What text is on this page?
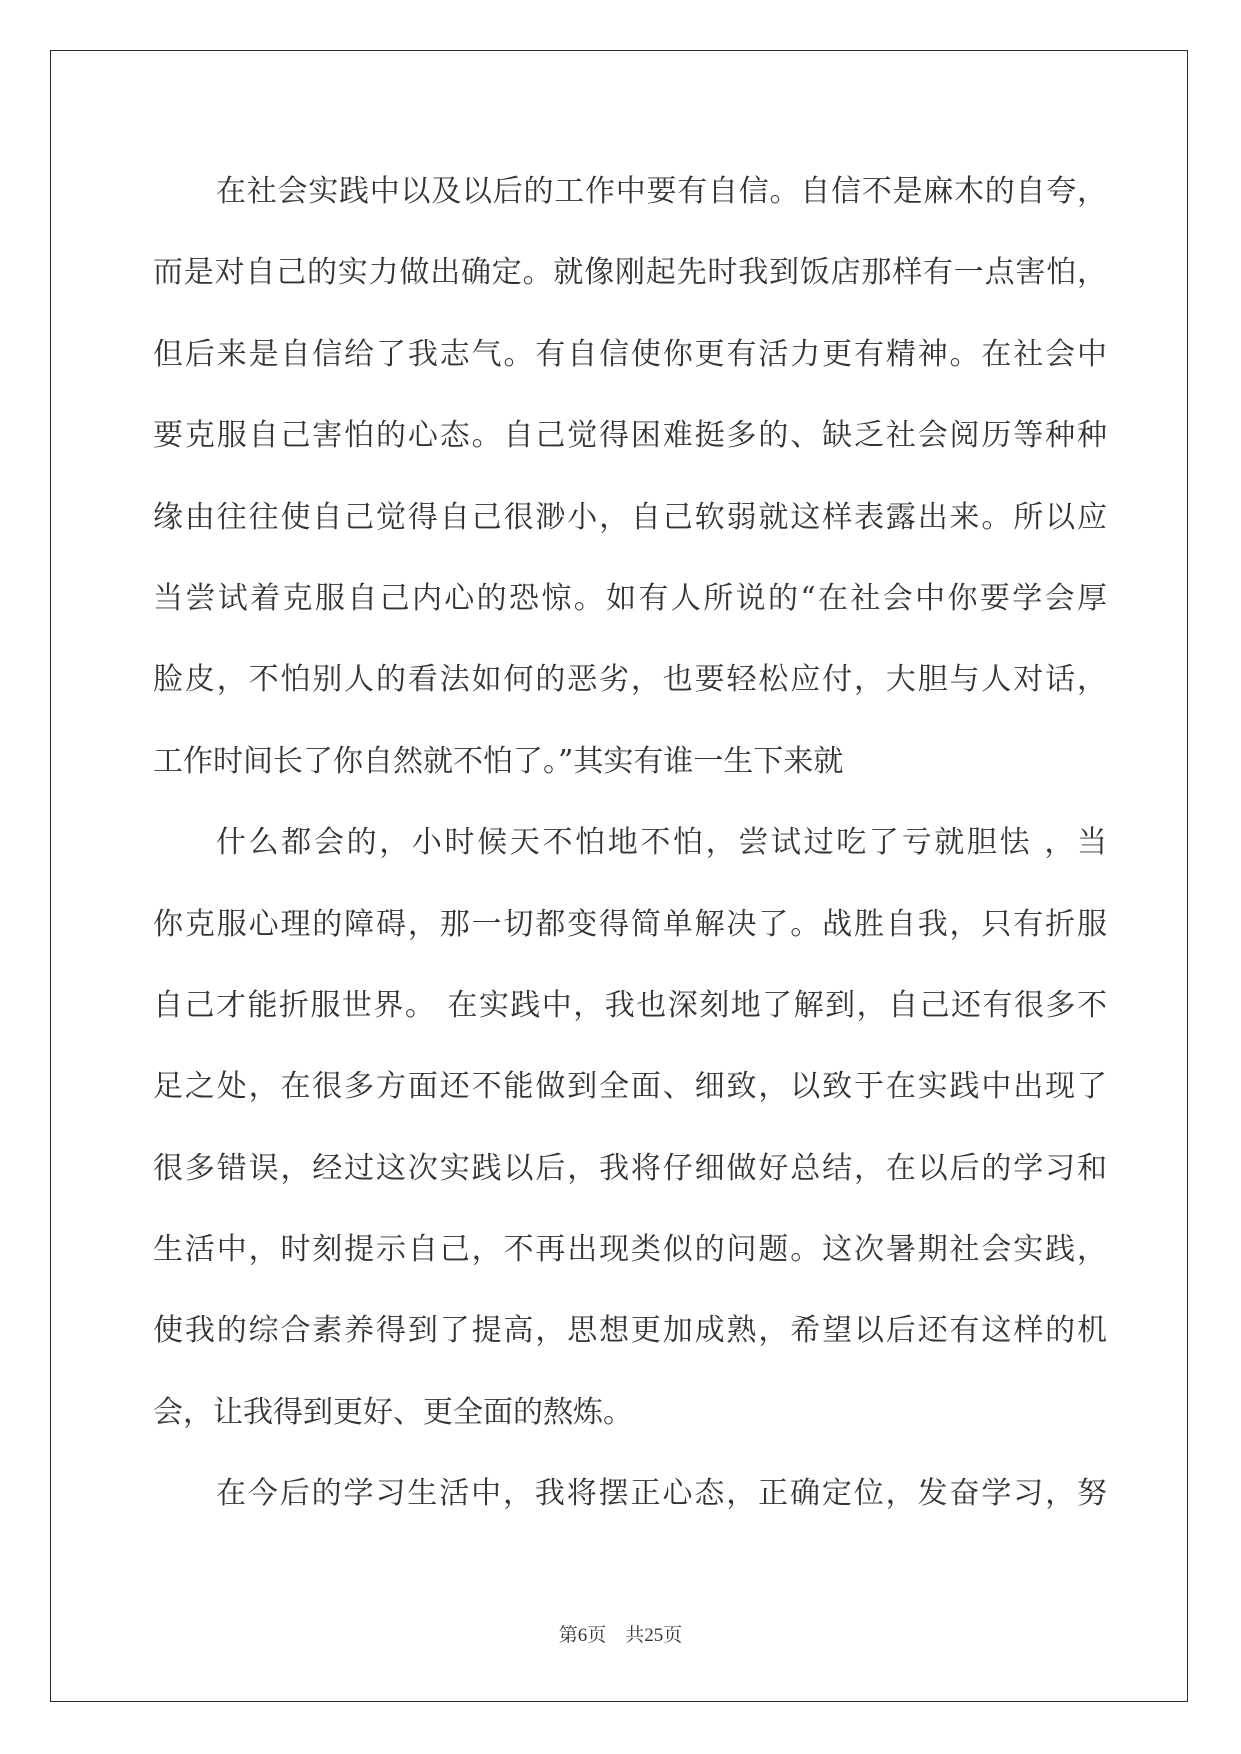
在社会实践中以及以后的工作中要有自信。自信不是麻木的自夸，
而是对自己的实力做出确定。就像刚起先时我到饭店那样有一点害怕，
但后来是自信给了我志气。有自信使你更有活力更有精神。在社会中
要克服自己害怕的心态。自己觉得困难挺多的、缺乏社会阅历等种种
缘由往往使自己觉得自己很渺小，自己软弱就这样表露出来。所以应
当尝试着克服自己内心的恐惊。如有人所说的“在社会中你要学会厚
脸皮，不怕别人的看法如何的恶劣，也要轻松应付，大胆与人对话，
工作时间长了你自然就不怕了。”其实有谁一生下来就
什么都会的，小时候天不怕地不怕，尝试过吃了亏就胆怯 ，当
你克服心理的障碍，那一切都变得简单解决了。战胜自我，只有折服
自己才能折服世界。 在实践中，我也深刻地了解到，自己还有很多不
足之处，在很多方面还不能做到全面、细致，以致于在实践中出现了
很多错误，经过这次实践以后，我将仔细做好总结，在以后的学习和
生活中，时刻提示自己，不再出现类似的问题。这次暑期社会实践，
使我的综合素养得到了提高，思想更加成熟，希望以后还有这样的机
会，让我得到更好、更全面的熬炼。
在今后的学习生活中，我将摆正心态，正确定位，发奋学习，努
第6页　共25页
